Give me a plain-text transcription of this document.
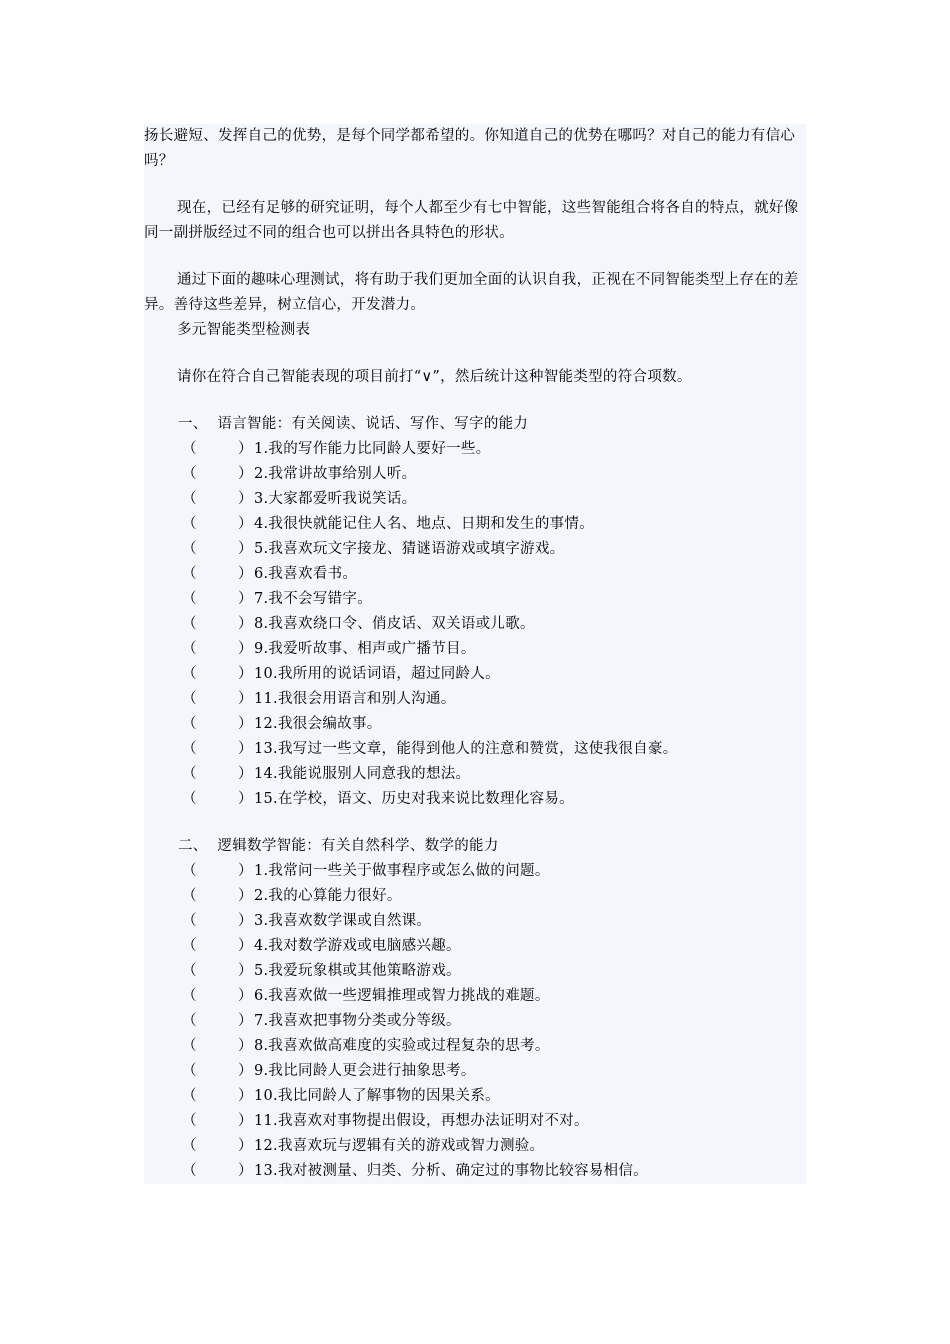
扬长避短、发挥自己的优势，是每个同学都希望的。你知道自己的优势在哪吗？对自己的能力有信心吗？

现在，已经有足够的研究证明，每个人都至少有七中智能，这些智能组合将各自的特点，就好像同一副拼版经过不同的组合也可以拼出各具特色的形状。

通过下面的趣味心理测试，将有助于我们更加全面的认识自我，正视在不同智能类型上存在的差异。善待这些差异，树立信心，开发潜力。

多元智能类型检测表

请你在符合自己智能表现的项目前打“∨”，然后统计这种智能类型的符合项数。

一、  语言智能：有关阅读、说话、写作、写字的能力

（	） 1.我的写作能力比同龄人要好一些。
（	） 2.我常讲故事给别人听。
（	） 3.大家都爱听我说笑话。
（	） 4.我很快就能记住人名、地点、日期和发生的事情。
（	） 5.我喜欢玩文字接龙、猜谜语游戏或填字游戏。
（	） 6.我喜欢看书。
（	） 7.我不会写错字。
（	） 8.我喜欢绕口令、俏皮话、双关语或儿歌。
（	） 9.我爱听故事、相声或广播节目。
（	） 10.我所用的说话词语，超过同龄人。
（	） 11.我很会用语言和别人沟通。
（	） 12.我很会编故事。
（	） 13.我写过一些文章，能得到他人的注意和赞赏，这使我很自豪。
（	） 14.我能说服别人同意我的想法。
（	） 15.在学校，语文、历史对我来说比数理化容易。

二、  逻辑数学智能：有关自然科学、数学的能力

（	） 1.我常问一些关于做事程序或怎么做的问题。
（	） 2.我的心算能力很好。
（	） 3.我喜欢数学课或自然课。
（	） 4.我对数学游戏或电脑感兴趣。
（	） 5.我爱玩象棋或其他策略游戏。
（	） 6.我喜欢做一些逻辑推理或智力挑战的难题。
（	） 7.我喜欢把事物分类或分等级。
（	） 8.我喜欢做高难度的实验或过程复杂的思考。
（	） 9.我比同龄人更会进行抽象思考。
（	） 10.我比同龄人了解事物的因果关系。
（	） 11.我喜欢对事物提出假设，再想办法证明对不对。
（	） 12.我喜欢玩与逻辑有关的游戏或智力测验。
（	） 13.我对被测量、归类、分析、确定过的事物比较容易相信。
